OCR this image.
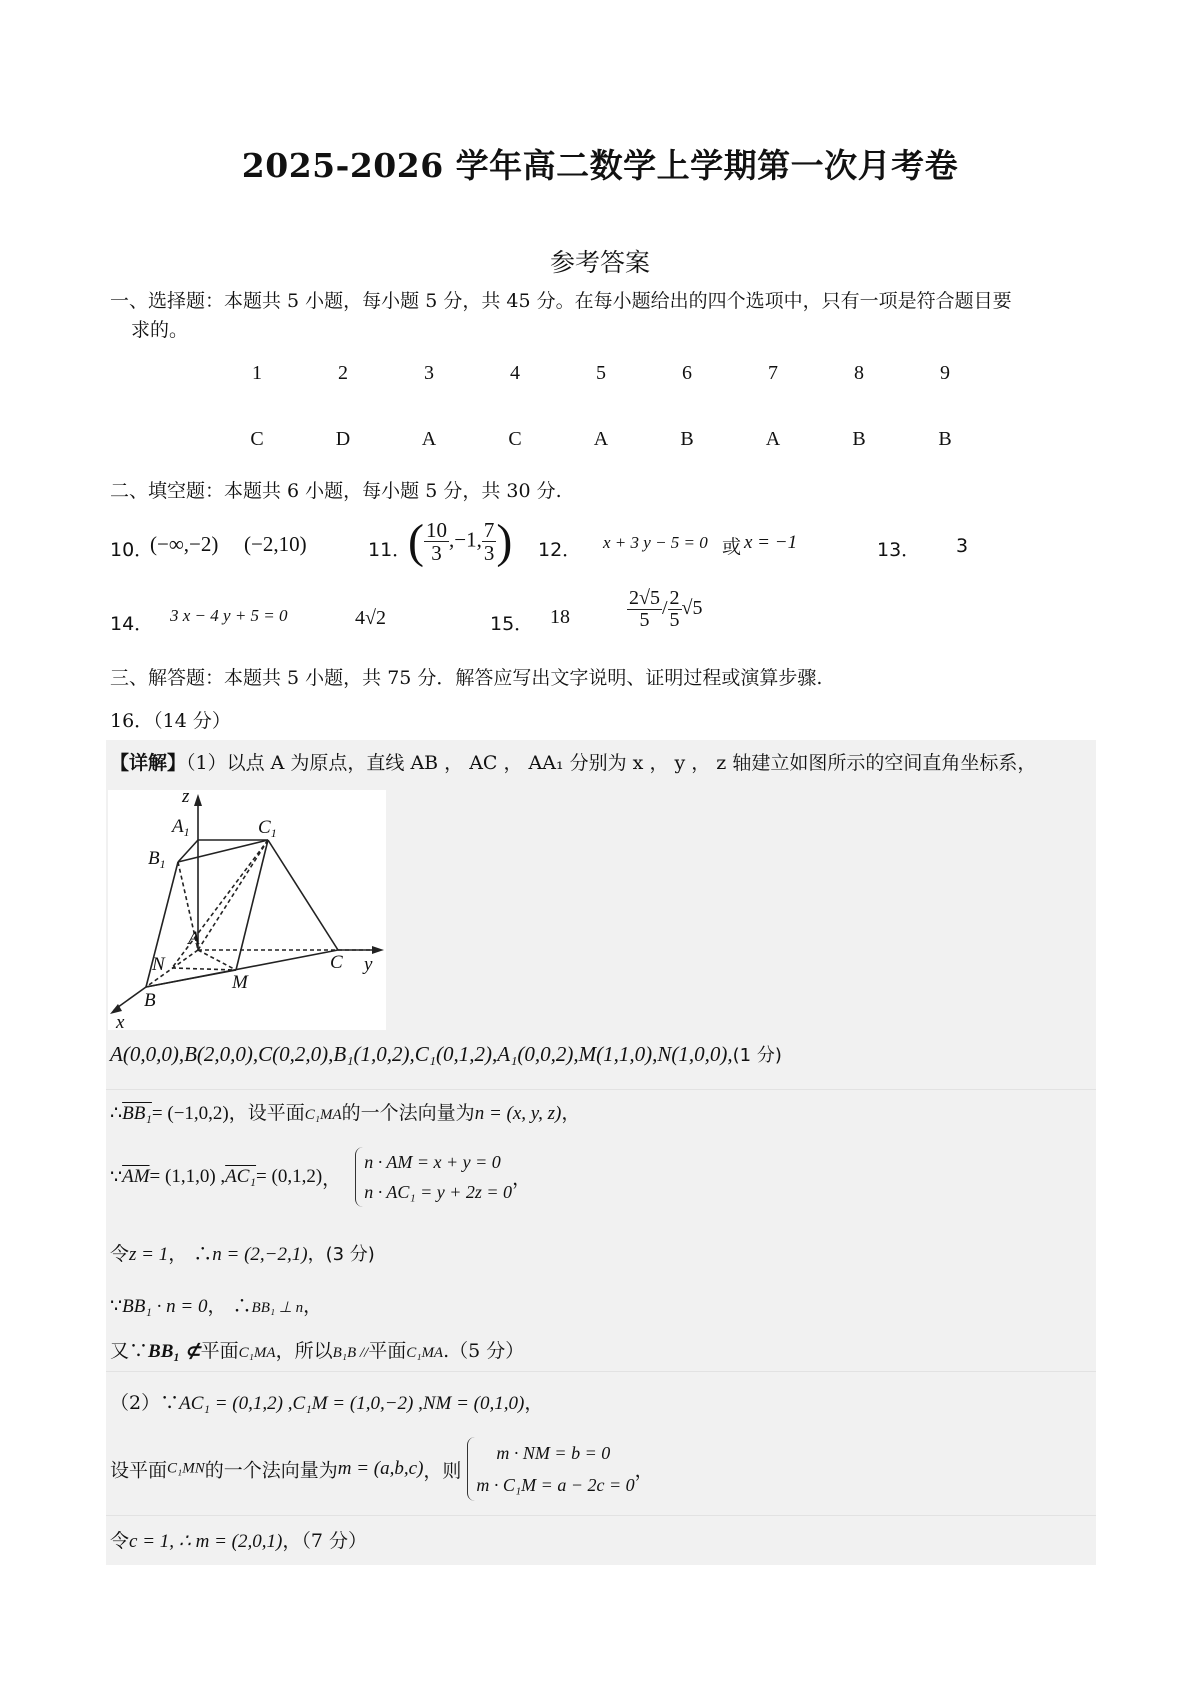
2025-2026 学年高二数学上学期第一次月考卷
参考答案
一、选择题：本题共 5 小题，每小题 5 分，共 45 分。在每小题给出的四个选项中，只有一项是符合题目要
求的。
1	2	3	4	5	6	7	8	9
C	D	A	C	A	B	A	B	B
二、填空题：本题共 6 小题，每小题 5 分，共 30 分.
10．
(−∞,−2) (−2,10)	11．
( $\frac{10}{3} ,-1$, $\frac{7}{3}$ ) 12． x + 3 y − 5 = 0 或 x = −1	13． 3
14． 3 x − 4 y + 5 = 0	4√2	15． 18	$\frac{2√5}{5} / \frac{2}{5} √5$
三、解答题：本题共 5 小题，共 75 分．解答应写出文字说明、证明过程或演算步骤.
16．（14 分）
【详解】（1）以点 A 为原点，直线 AB ， AC ， AA₁ 分别为 x ， y ， z 轴建立如图所示的空间直角坐标系，
z
$A_1$	$C_1$
$B_1$
A
N
M
C y
B
x
A(0,0,0),B(2,0,0),C(0,2,0),B₁(1,0,2),C₁(0,1,2),A₁(0,0,2),M(1,1,0),N(1,0,0),(1 分)
∴BB₁= (−1,0,2)，设平面C₁MA的一个法向量为n = (x, y, z)，
$\because\overline{AM}= (1,1,0)$ ,AC₁= (0,1,2)，
n · AM = x + y = 0
n · AC₁ = y + 2z = 0
，
令z = 1， ∴n = (2,−2,1)，(3 分)
∵BB₁ · n = 0， ∴BB₁ ⊥ n，
又∵BB₁ ⊄平面C₁MA，所以B₁B //平面C₁MA.（5 分）
（2）∵AC₁ = (0,1,2) ,C₁M = (1,0,−2) ,NM = (0,1,0)，
设平面C₁MN的一个法向量为m = (a,b,c)，则
m · NM = b = 0
m · C₁M = a − 2c = 0
，
令c = 1, ∴ m = (2,0,1)，（7 分）
